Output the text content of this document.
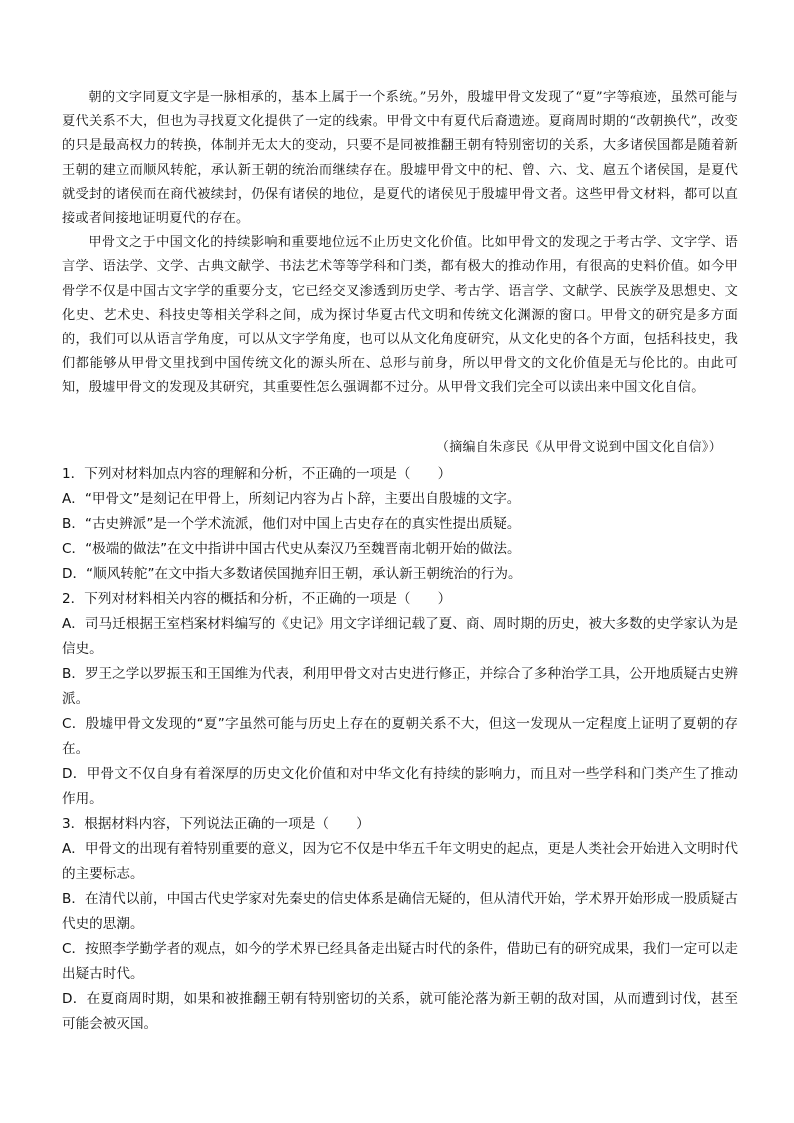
朝的文字同夏文字是一脉相承的，基本上属于一个系统。”另外，殷墟甲骨文发现了“夏”字等痕迹，虽然可能与夏代关系不大，但也为寻找夏文化提供了一定的线索。甲骨文中有夏代后裔遗迹。夏商周时期的“改朝换代”，改变的只是最高权力的转换，体制并无太大的变动，只要不是同被推翻王朝有特别密切的关系，大多诸侯国都是随着新王朝的建立而顺风转舵，承认新王朝的统治而继续存在。殷墟甲骨文中的杞、曾、六、戈、扈五个诸侯国，是夏代就受封的诸侯而在商代被续封，仍保有诸侯的地位，是夏代的诸侯见于殷墟甲骨文者。这些甲骨文材料，都可以直接或者间接地证明夏代的存在。

甲骨文之于中国文化的持续影响和重要地位远不止历史文化价值。比如甲骨文的发现之于考古学、文字学、语言学、语法学、文学、古典文献学、书法艺术等等学科和门类，都有极大的推动作用，有很高的史料价值。如今甲骨学不仅是中国古文字学的重要分支，它已经交叉渗透到历史学、考古学、语言学、文献学、民族学及思想史、文化史、艺术史、科技史等相关学科之间，成为探讨华夏古代文明和传统文化渊源的窗口。甲骨文的研究是多方面的，我们可以从语言学角度，可以从文字学角度，也可以从文化角度研究，从文化史的各个方面，包括科技史，我们都能够从甲骨文里找到中国传统文化的源头所在、总形与前身，所以甲骨文的文化价值是无与伦比的。由此可知，殷墟甲骨文的发现及其研究，其重要性怎么强调都不过分。从甲骨文我们完全可以读出来中国文化自信。

（摘编自朱彦民《从甲骨文说到中国文化自信》）

1．下列对材料加点内容的理解和分析，不正确的一项是（　　）

A．“甲骨文”是刻记在甲骨上，所刻记内容为占卜辞，主要出自殷墟的文字。

B．“古史辨派”是一个学术流派，他们对中国上古史存在的真实性提出质疑。

C．“极端的做法”在文中指讲中国古代史从秦汉乃至魏晋南北朝开始的做法。

D．“顺风转舵”在文中指大多数诸侯国抛弃旧王朝，承认新王朝统治的行为。

2．下列对材料相关内容的概括和分析，不正确的一项是（　　）

A．司马迁根据王室档案材料编写的《史记》用文字详细记载了夏、商、周时期的历史，被大多数的史学家认为是信史。

B．罗王之学以罗振玉和王国维为代表，利用甲骨文对古史进行修正，并综合了多种治学工具，公开地质疑古史辨派。

C．殷墟甲骨文发现的“夏”字虽然可能与历史上存在的夏朝关系不大，但这一发现从一定程度上证明了夏朝的存在。

D．甲骨文不仅自身有着深厚的历史文化价值和对中华文化有持续的影响力，而且对一些学科和门类产生了推动作用。

3．根据材料内容，下列说法正确的一项是（　　）

A．甲骨文的出现有着特别重要的意义，因为它不仅是中华五千年文明史的起点，更是人类社会开始进入文明时代的主要标志。

B．在清代以前，中国古代史学家对先秦史的信史体系是确信无疑的，但从清代开始，学术界开始形成一股质疑古代史的思潮。

C．按照李学勤学者的观点，如今的学术界已经具备走出疑古时代的条件，借助已有的研究成果，我们一定可以走出疑古时代。

D．在夏商周时期，如果和被推翻王朝有特别密切的关系，就可能沦落为新王朝的敌对国，从而遭到讨伐，甚至可能会被灭国。
